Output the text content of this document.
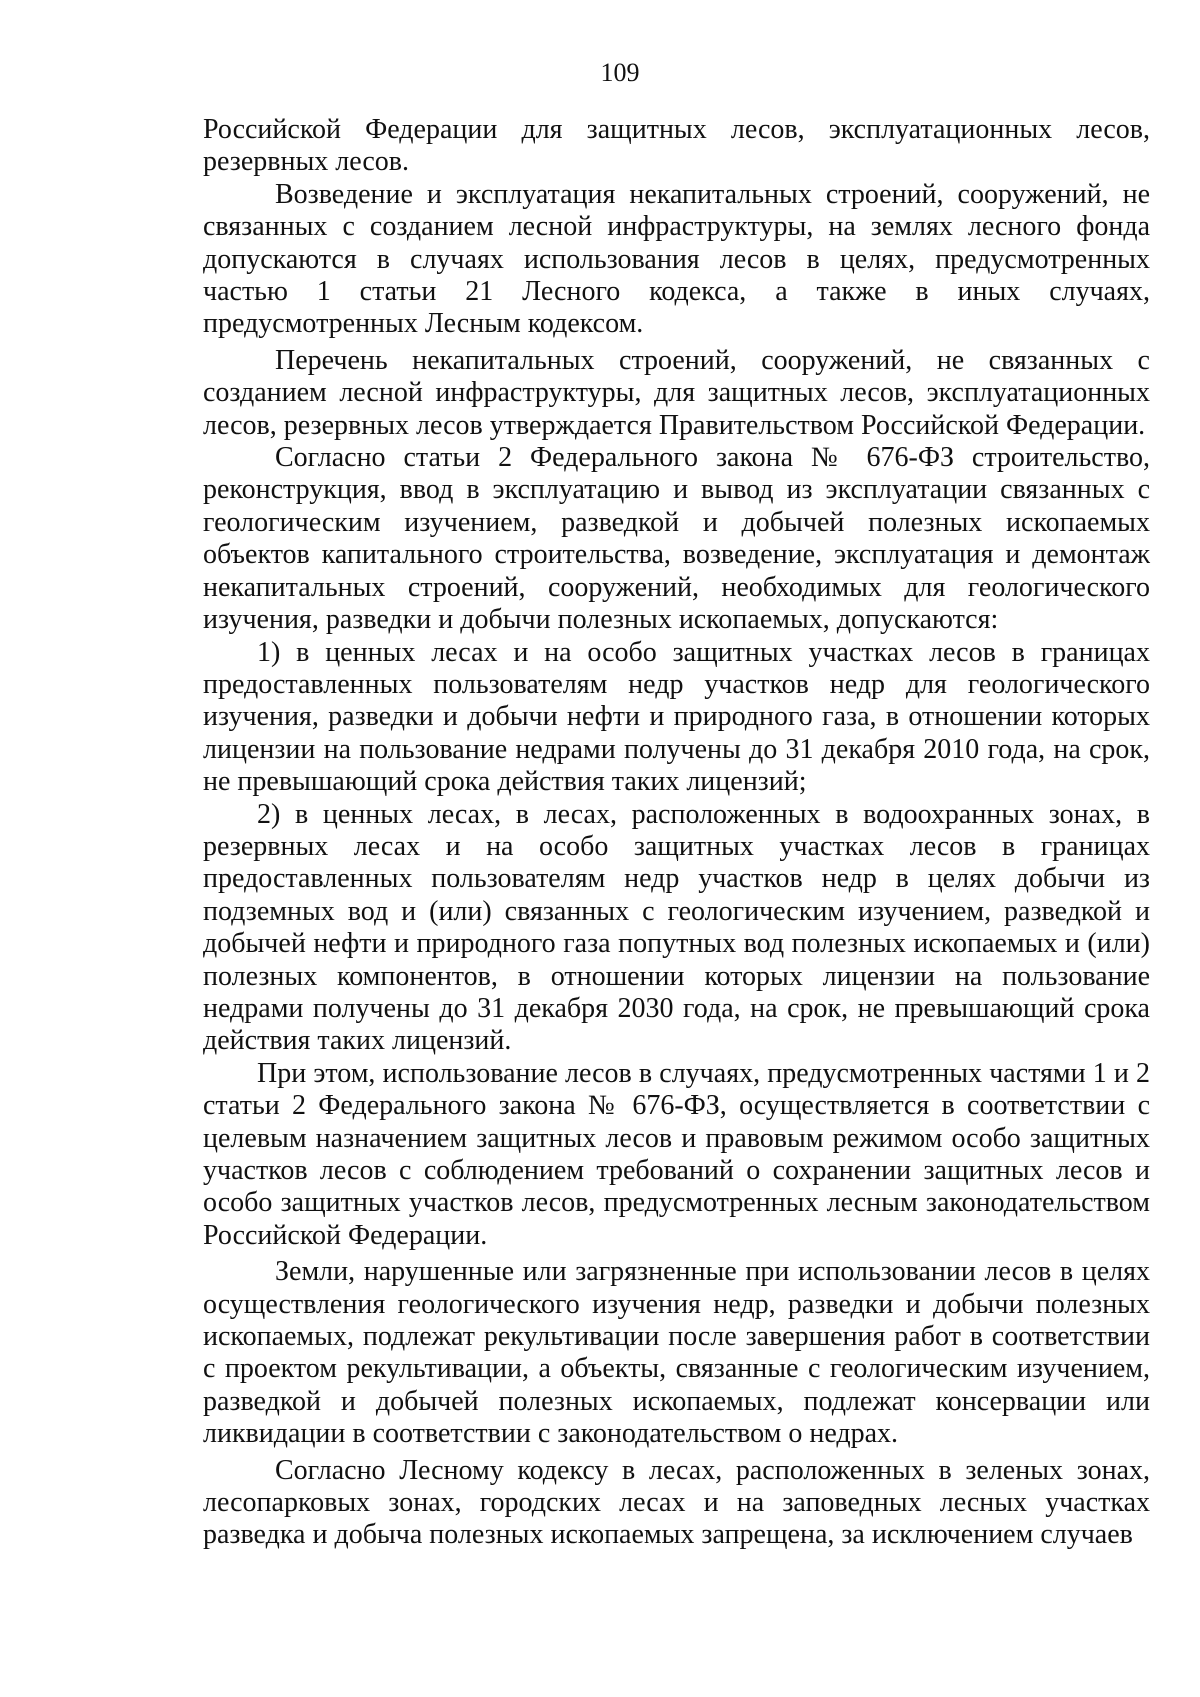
109

Российской Федерации для защитных лесов, эксплуатационных лесов, резервных лесов.

Возведение и эксплуатация некапитальных строений, сооружений, не связанных с созданием лесной инфраструктуры, на землях лесного фонда допускаются в случаях использования лесов в целях, предусмотренных частью 1 статьи 21 Лесного кодекса, а также в иных случаях, предусмотренных Лесным кодексом.

Перечень некапитальных строений, сооружений, не связанных с созданием лесной инфраструктуры, для защитных лесов, эксплуатационных лесов, резервных лесов утверждается Правительством Российской Федерации.

Согласно статьи 2 Федерального закона № 676-ФЗ строительство, реконструкция, ввод в эксплуатацию и вывод из эксплуатации связанных с геологическим изучением, разведкой и добычей полезных ископаемых объектов капитального строительства, возведение, эксплуатация и демонтаж некапитальных строений, сооружений, необходимых для геологического изучения, разведки и добычи полезных ископаемых, допускаются:

1) в ценных лесах и на особо защитных участках лесов в границах предоставленных пользователям недр участков недр для геологического изучения, разведки и добычи нефти и природного газа, в отношении которых лицензии на пользование недрами получены до 31 декабря 2010 года, на срок, не превышающий срока действия таких лицензий;

2) в ценных лесах, в лесах, расположенных в водоохранных зонах, в резервных лесах и на особо защитных участках лесов в границах предоставленных пользователям недр участков недр в целях добычи из подземных вод и (или) связанных с геологическим изучением, разведкой и добычей нефти и природного газа попутных вод полезных ископаемых и (или) полезных компонентов, в отношении которых лицензии на пользование недрами получены до 31 декабря 2030 года, на срок, не превышающий срока действия таких лицензий.

При этом, использование лесов в случаях, предусмотренных частями 1 и 2 статьи 2 Федерального закона № 676-ФЗ, осуществляется в соответствии с целевым назначением защитных лесов и правовым режимом особо защитных участков лесов с соблюдением требований о сохранении защитных лесов и особо защитных участков лесов, предусмотренных лесным законодательством Российской Федерации.

Земли, нарушенные или загрязненные при использовании лесов в целях осуществления геологического изучения недр, разведки и добычи полезных ископаемых, подлежат рекультивации после завершения работ в соответствии с проектом рекультивации, а объекты, связанные с геологическим изучением, разведкой и добычей полезных ископаемых, подлежат консервации или ликвидации в соответствии с законодательством о недрах.

Согласно Лесному кодексу в лесах, расположенных в зеленых зонах, лесопарковых зонах, городских лесах и на заповедных лесных участках разведка и добыча полезных ископаемых запрещена, за исключением случаев
